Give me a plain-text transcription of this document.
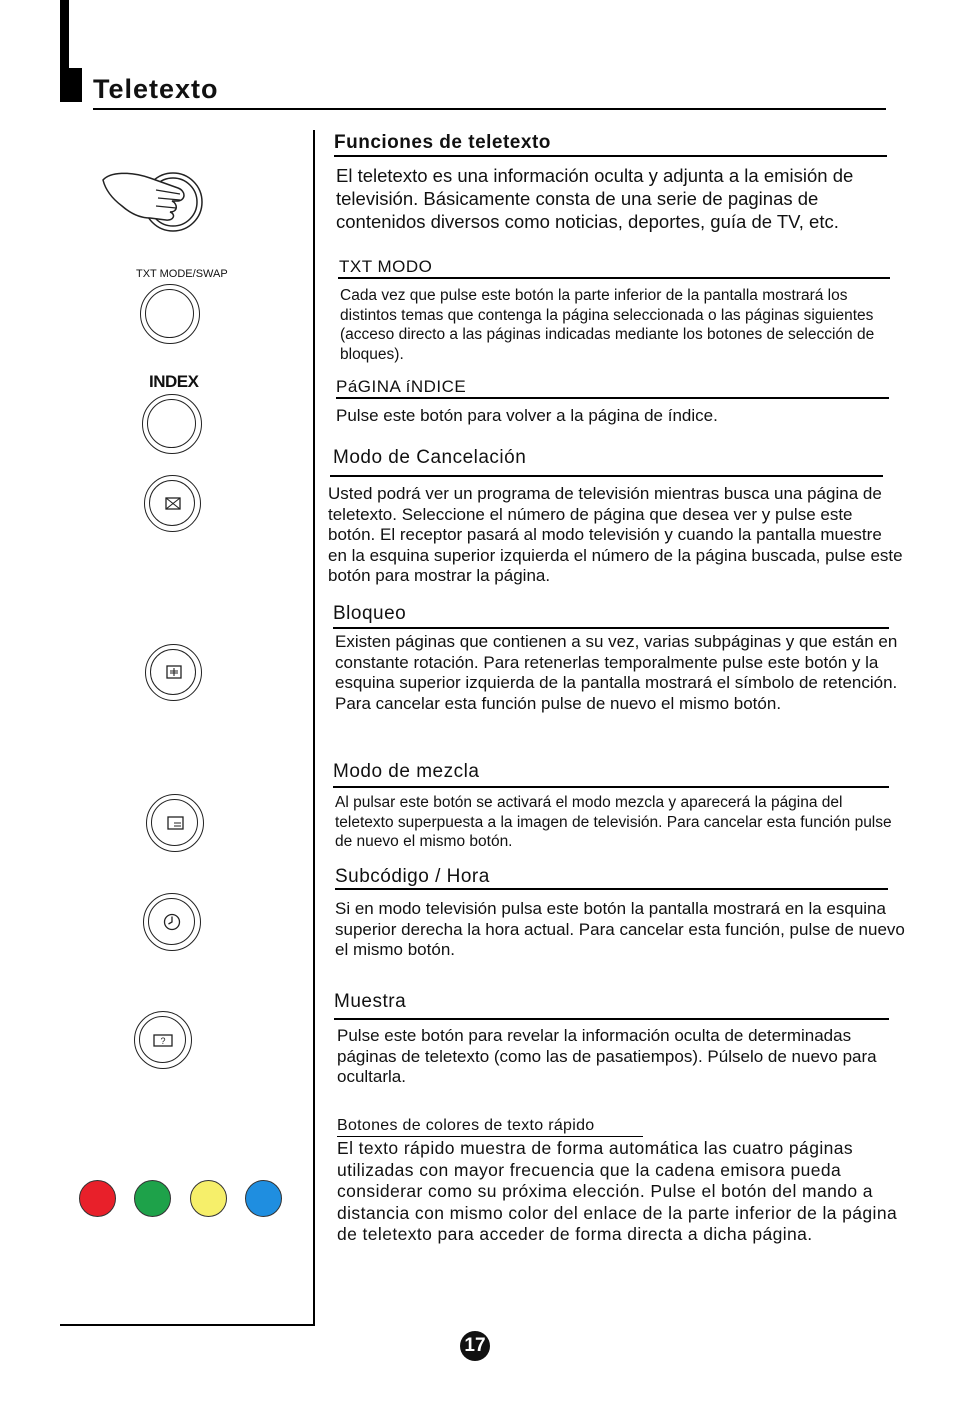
Teletexto
TXT MODE/SWAP
INDEX
?
Funciones de teletexto
El teletexto es una información oculta y adjunta a la emisión de televisión. Básicamente consta de una serie de paginas de contenidos diversos como noticias, deportes, guía de TV, etc.
TXT MODO
Cada vez que pulse este botón la parte inferior de la pantalla mostrará los distintos temas que contenga la página seleccionada o las páginas siguientes (acceso directo a las páginas indicadas mediante los botones de selección de bloques).
PáGINA íNDICE
Pulse este botón para volver a la página de índice.
Modo de Cancelación
Usted podrá ver un programa de televisión mientras busca una página de teletexto. Seleccione el número de página que desea ver y pulse este botón. El receptor pasará al modo televisión y cuando la pantalla muestre en la esquina superior izquierda el número de la página buscada, pulse este botón para mostrar la página.
Bloqueo
Existen páginas que contienen a su vez, varias subpáginas y que están en constante rotación. Para retenerlas temporalmente pulse este botón y la esquina superior izquierda de la pantalla mostrará el símbolo de retención. Para cancelar esta función pulse de nuevo el mismo botón.
Modo de mezcla
Al pulsar este botón se activará el modo mezcla y aparecerá la página del teletexto superpuesta a la imagen de televisión. Para cancelar esta función pulse de nuevo el mismo botón.
Subcódigo / Hora
Si en modo televisión pulsa este botón la pantalla mostrará en la esquina superior derecha la hora actual. Para cancelar esta función, pulse de nuevo el mismo botón.
Muestra
Pulse este botón para revelar la información oculta de determinadas páginas de teletexto (como las de pasatiempos). Púlselo de nuevo para ocultarla.
Botones de colores de texto rápido
El texto rápido muestra de forma automática las cuatro páginas utilizadas con mayor frecuencia que la cadena emisora pueda considerar como su próxima elección. Pulse el botón del mando a distancia con mismo color del enlace de la parte inferior de la página de teletexto para acceder de forma directa a dicha página.
17
